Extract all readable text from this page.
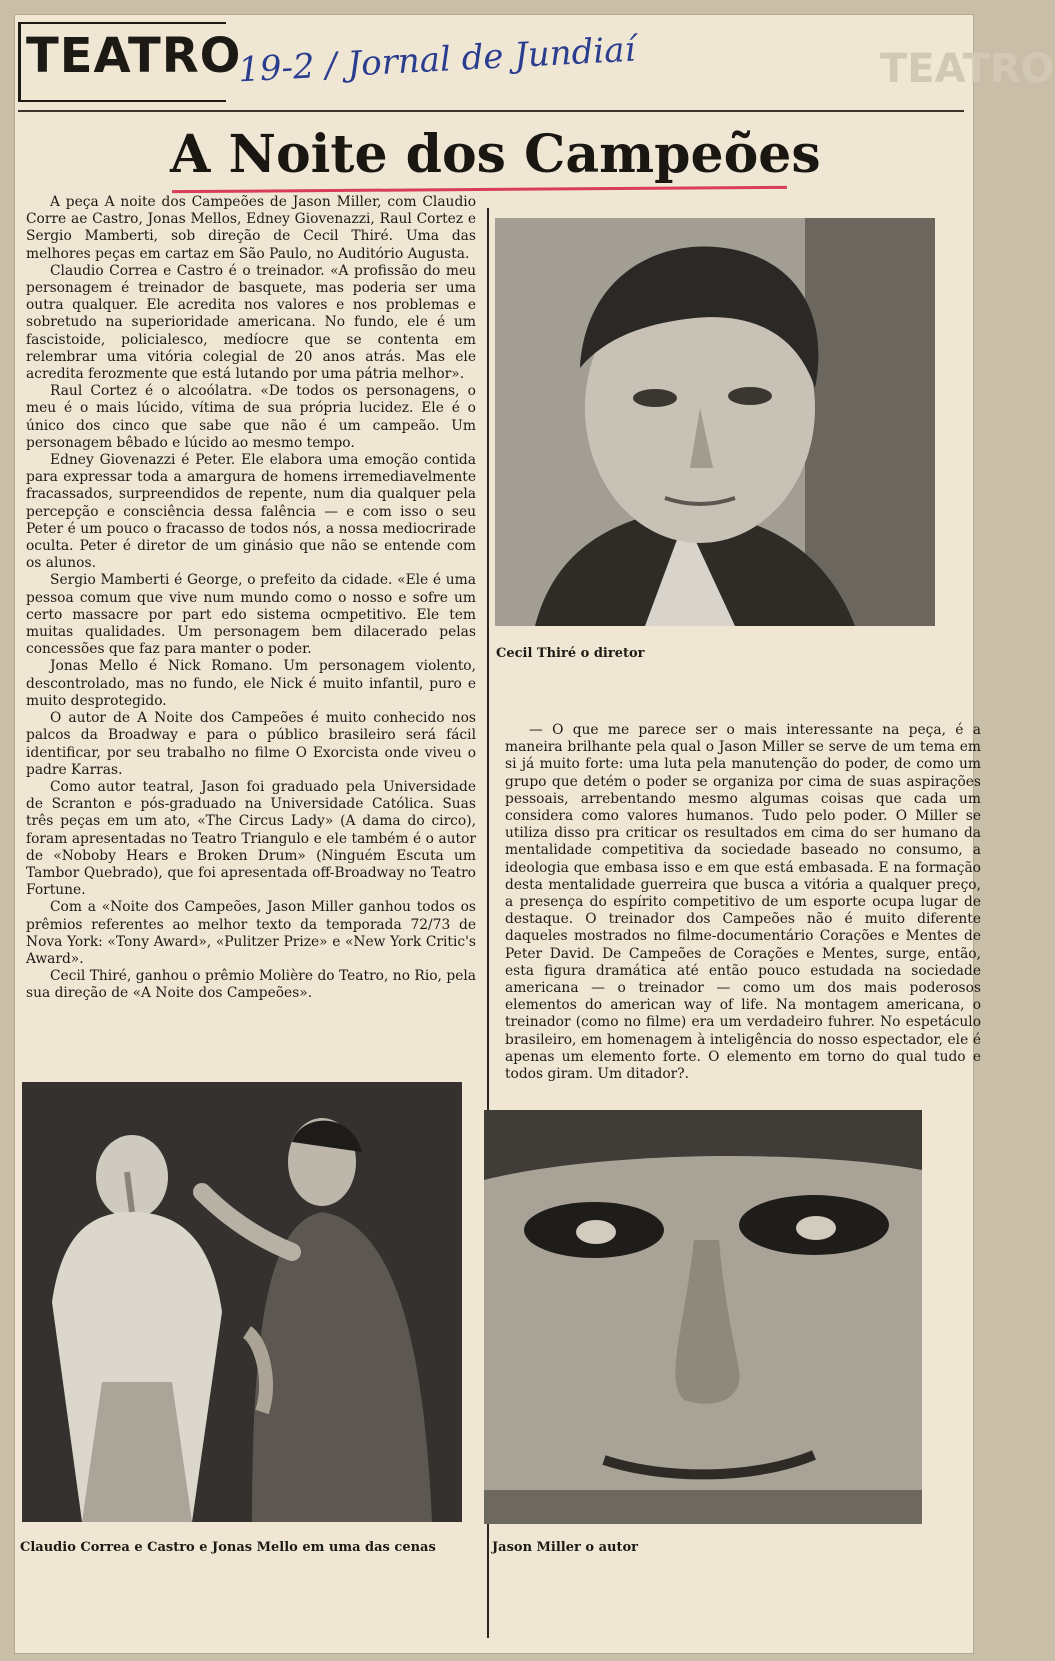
TEATRO
19-2 / Jornal de Jundiaí	TEATRO
A Noite dos Campeões

A peça A noite dos Campeões de Jason Miller, com Claudio Corre ae Castro, Jonas Mellos, Edney Giovenazzi, Raul Cortez e Sergio Mamberti, sob direção de Cecil Thiré. Uma das melhores peças em cartaz em São Paulo, no Auditório Augusta.

Claudio Correa e Castro é o treinador. «A profissão do meu personagem é treinador de basquete, mas poderia ser uma outra qualquer. Ele acredita nos valores e nos problemas e sobretudo na superioridade americana. No fundo, ele é um fascistoide, policialesco, medíocre que se contenta em relembrar uma vitória colegial de 20 anos atrás. Mas ele acredita ferozmente que está lutando por uma pátria melhor».

Raul Cortez é o alcoólatra. «De todos os personagens, o meu é o mais lúcido, vítima de sua própria lucidez. Ele é o único dos cinco que sabe que não é um campeão. Um personagem bêbado e lúcido ao mesmo tempo.

Edney Giovenazzi é Peter. Ele elabora uma emoção contida para expressar toda a amargura de homens irremediavelmente fracassados, surpreendidos de repente, num dia qualquer pela percepção e consciência dessa falência — e com isso o seu Peter é um pouco o fracasso de todos nós, a nossa mediocrirade oculta. Peter é diretor de um ginásio que não se entende com os alunos.

Sergio Mamberti é George, o prefeito da cidade. «Ele é uma pessoa comum que vive num mundo como o nosso e sofre um certo massacre por part edo sistema ocmpetitivo. Ele tem muitas qualidades. Um personagem bem dilacerado pelas concessões que faz para manter o poder.

Jonas Mello é Nick Romano. Um personagem violento, descontrolado, mas no fundo, ele Nick é muito infantil, puro e muito desprotegido.

O autor de A Noite dos Campeões é muito conhecido nos palcos da Broadway e para o público brasileiro será fácil identificar, por seu trabalho no filme O Exorcista onde viveu o padre Karras.

Como autor teatral, Jason foi graduado pela Universidade de Scranton e pós-graduado na Universidade Católica. Suas três peças em um ato, «The Circus Lady» (A dama do circo), foram apresentadas no Teatro Triangulo e ele também é o autor de «Noboby Hears e Broken Drum» (Ninguém Escuta um Tambor Quebrado), que foi apresentada off-Broadway no Teatro Fortune.

Com a «Noite dos Campeões, Jason Miller ganhou todos os prêmios referentes ao melhor texto da temporada 72/73 de Nova York: «Tony Award», «Pulitzer Prize» e «New York Critic's Award».

Cecil Thiré, ganhou o prêmio Molière do Teatro, no Rio, pela sua direção de «A Noite dos Campeões».

Cecil Thiré o diretor

— O que me parece ser o mais interessante na peça, é a maneira brilhante pela qual o Jason Miller se serve de um tema em si já muito forte: uma luta pela manutenção do poder, de como um grupo que detém o poder se organiza por cima de suas aspirações pessoais, arrebentando mesmo algumas coisas que cada um considera como valores humanos. Tudo pelo poder. O Miller se utiliza disso pra criticar os resultados em cima do ser humano da mentalidade competitiva da sociedade baseado no consumo, a ideologia que embasa isso e em que está embasada. E na formação desta mentalidade guerreira que busca a vitória a qualquer preço, a presença do espírito competitivo de um esporte ocupa lugar de destaque. O treinador dos Campeões não é muito diferente daqueles mostrados no filme-documentário Corações e Mentes de Peter David. De Campeões de Corações e Mentes, surge, então, esta figura dramática até então pouco estudada na sociedade americana — o treinador — como um dos mais poderosos elementos do american way of life. Na montagem americana, o treinador (como no filme) era um verdadeiro fuhrer. No espetáculo brasileiro, em homenagem à inteligência do nosso espectador, ele é apenas um elemento forte. O elemento em torno do qual tudo e todos giram. Um ditador?.

Claudio Correa e Castro e Jonas Mello em uma das cenas	Jason Miller o autor
